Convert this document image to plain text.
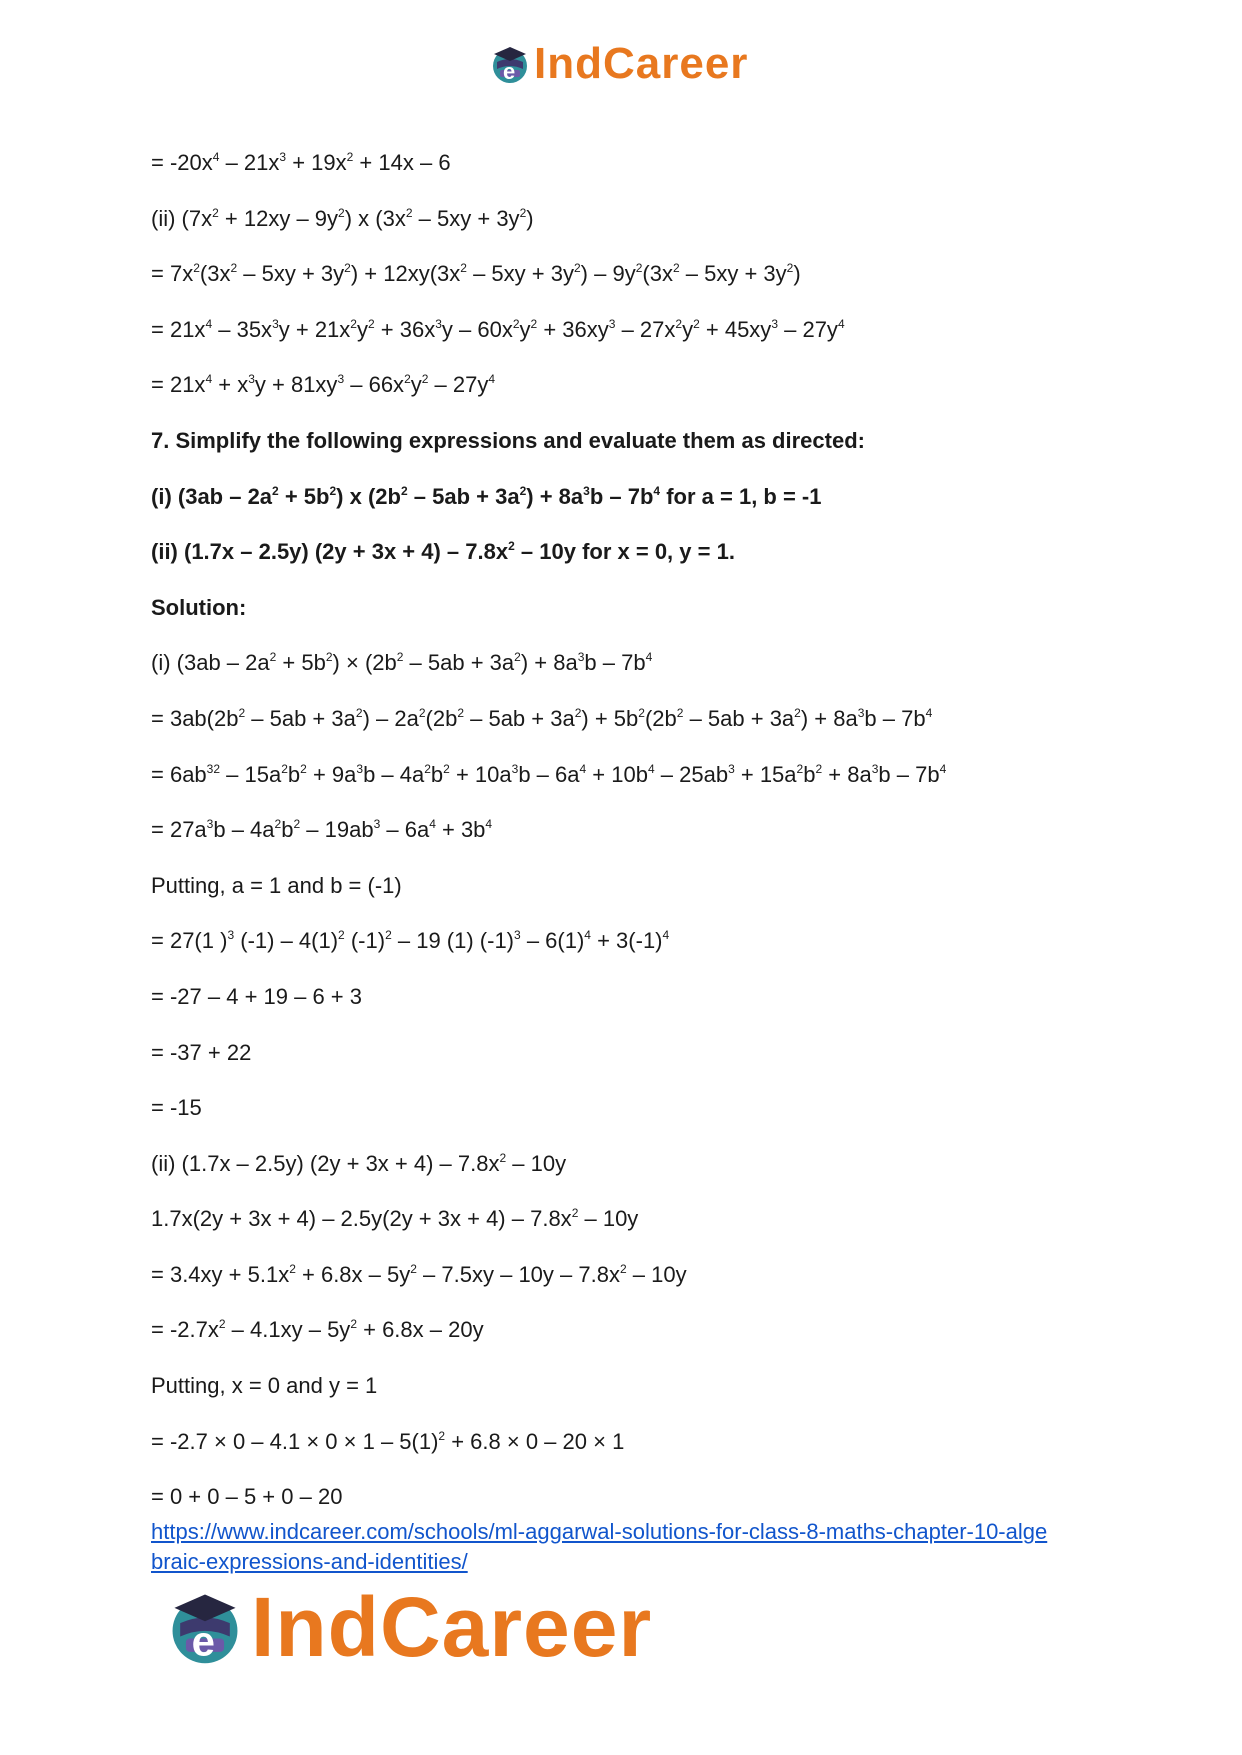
e IndCareer
= $-20x^4 - 21x^3 + 19x^2 + 14x - 6$
(ii) $(7x^2 + 12xy - 9y^2)$ x $(3x^2 - 5xy + 3y^2)$
= $7x^2(3x^2 - 5xy + 3y^2) + 12xy(3x^2 - 5xy + 3y^2) - 9y^2(3x^2 - 5xy + 3y^2)$
= $21x^4 - 35x^3y + 21x^2y^2 + 36x^3y - 60x^2y^2 + 36xy^3 - 27x^2y^2 + 45xy^3 - 27y^4$
= $21x^4 + x^3y + 81xy^3 - 66x^2y^2 - 27y^4$
7. Simplify the following expressions and evaluate them as directed:
(i) $(3ab - 2a^2 + 5b^2)$ x $(2b^2 - 5ab + 3a^2) + 8a^3b - 7b^4$ for a = 1, b = -1
(ii) (1.7x – 2.5y) $(2y + 3x + 4) - 7.8x^2 - 10y$ for x = 0, y = 1.
Solution:
(i) $(3ab - 2a^2 + 5b^2) \times (2b^2 - 5ab + 3a^2) + 8a^3b - 7b^4$
= $3ab(2b^2 - 5ab + 3a^2) - 2a^2(2b^2 - 5ab + 3a^2) + 5b^2(2b^2 - 5ab + 3a^2) + 8a^3b - 7b^4$
= $6ab^{32} - 15a^2b^2 + 9a^3b - 4a^2b^2 + 10a^3b - 6a^4 + 10b^4 - 25ab^3 + 15a^2b^2 + 8a^3b - 7b^4$
= $27a^3b - 4a^2b^2 - 19ab^3 - 6a^4 + 3b^4$
Putting, a = 1 and b = (-1)
= 27(1 )$^3$ $(-1) - 4(1)^2$ $(-1)^2 - 19$ (1) $(-1)^3 - 6(1)^4 + 3(-1)^4$
= -27 – 4 + 19 – 6 + 3
= -37 + 22
= -15
(ii) (1.7x – 2.5y) $(2y + 3x + 4) - 7.8x^2 - 10y$
$1.7x(2y + 3x + 4) - 2.5y(2y + 3x + 4) - 7.8x^2 - 10y$
= $3.4xy + 5.1x^2 + 6.8x - 5y^2 - 7.5xy - 10y - 7.8x^2 - 10y$
= $-2.7x^2 - 4.1xy - 5y^2 + 6.8x - 20y$
Putting, x = 0 and y = 1
= $-2.7 \times 0 - 4.1 \times 0 \times 1 - 5(1)^2 + 6.8 \times 0 - 20 \times 1$
= 0 + 0 – 5 + 0 – 20
https://www.indcareer.com/schools/ml-aggarwal-solutions-for-class-8-maths-chapter-10-alge
braic-expressions-and-identities/
e IndCareer
